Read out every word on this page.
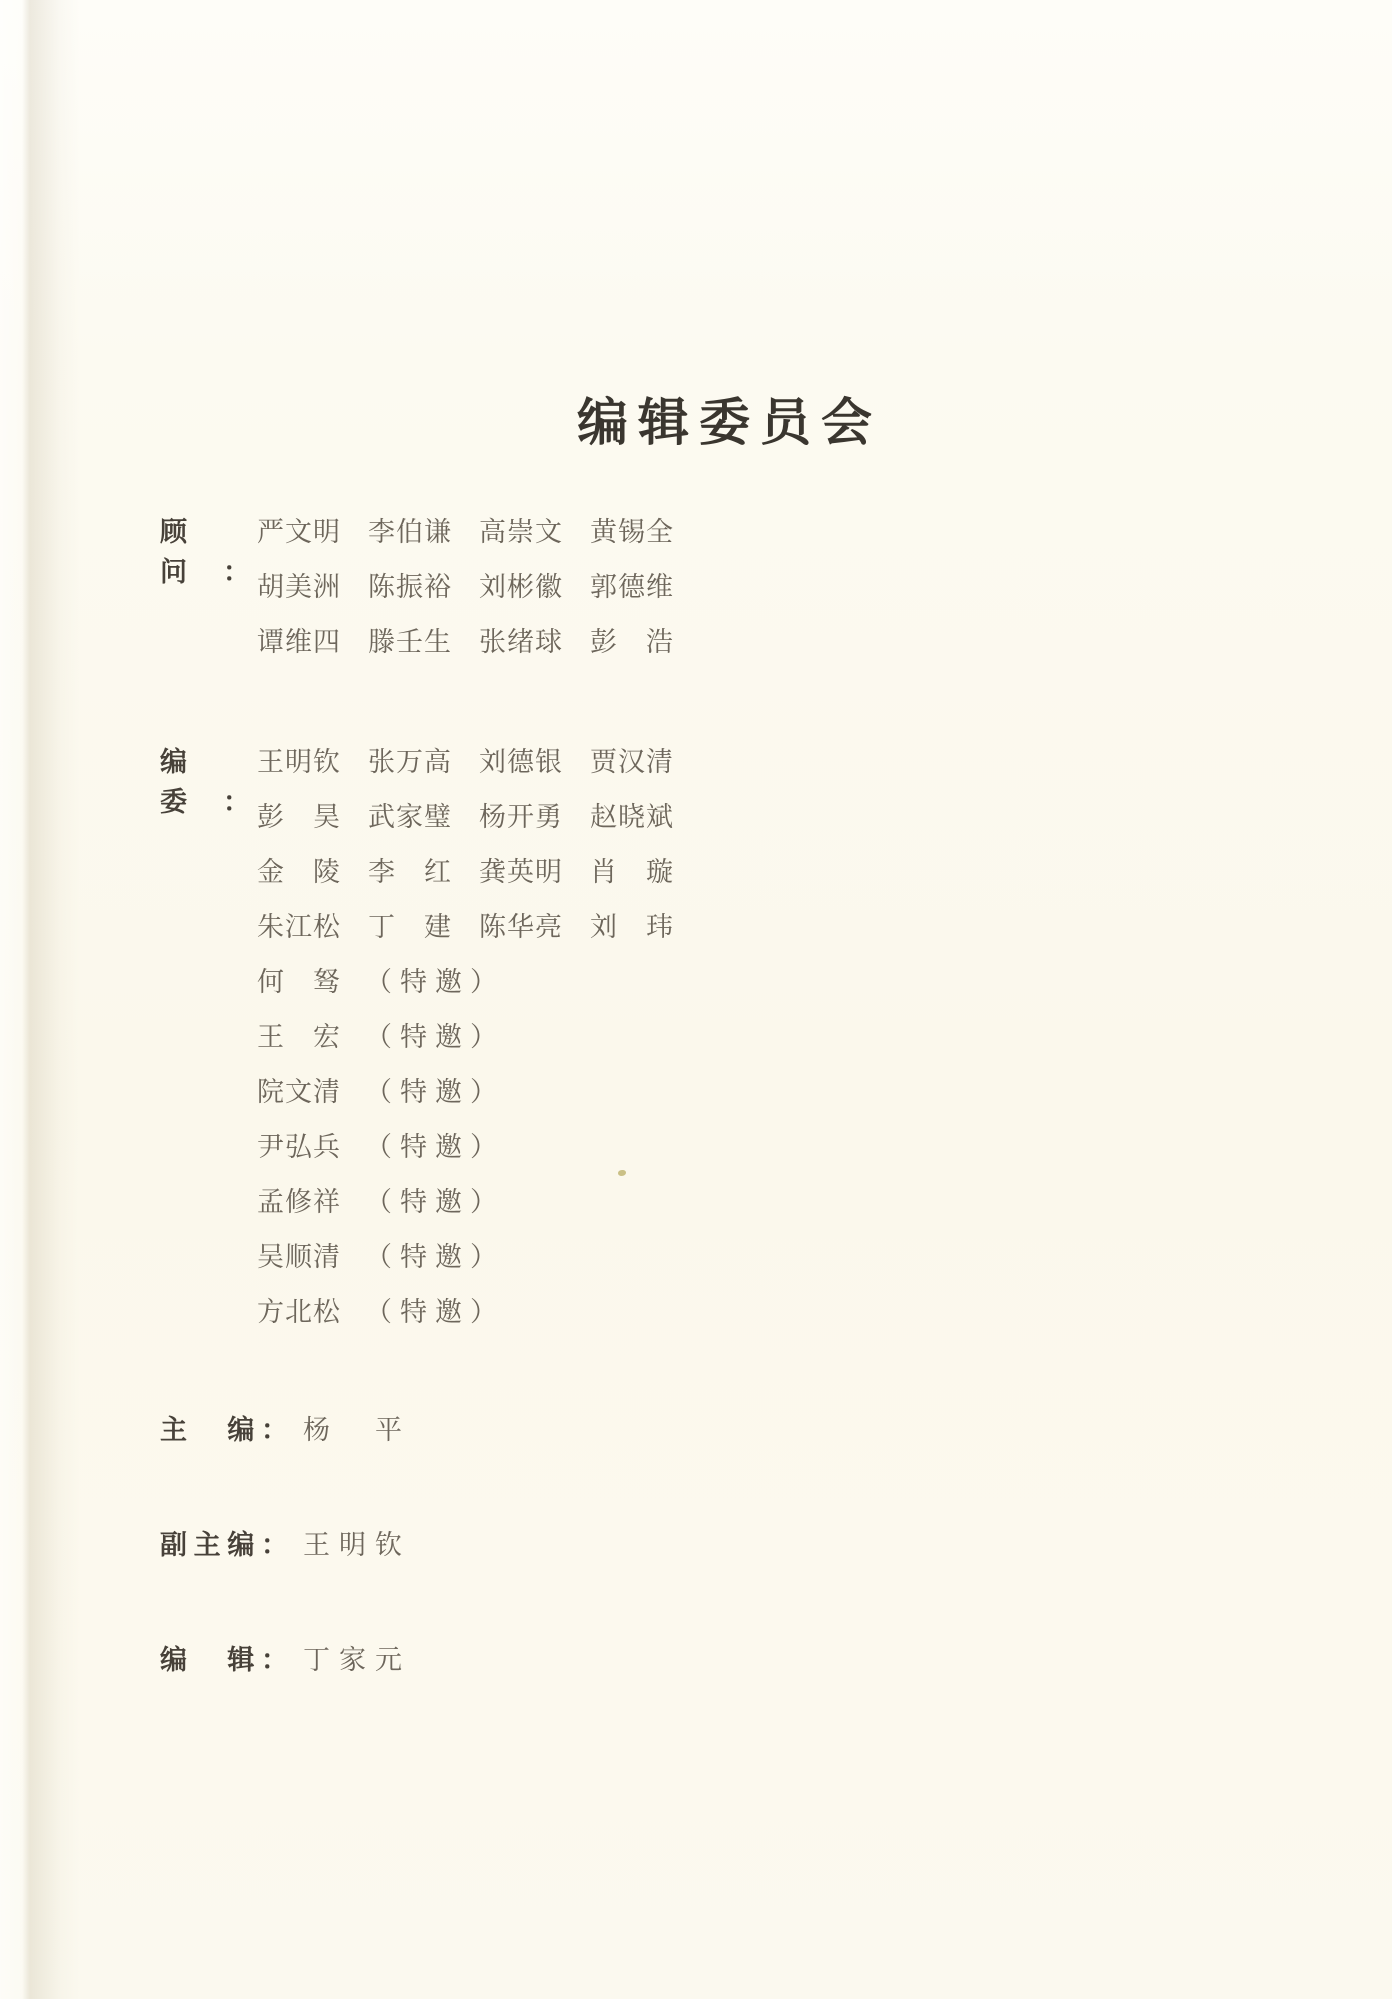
编辑委员会
顾　问：
严文明 李伯谦 高崇文 黄锡全
胡美洲 陈振裕 刘彬徽 郭德维
谭维四 滕壬生 张绪球 彭　浩
编　委：
王明钦 张万高 刘德银 贾汉清
彭　昊 武家璧 杨开勇 赵晓斌
金　陵 李　红 龚英明 肖　璇
朱江松 丁　建 陈华亮 刘　玮
何　驽 （特邀）
王　宏 （特邀）
院文清 （特邀）
尹弘兵 （特邀）
孟修祥 （特邀）
吴顺清 （特邀）
方北松 （特邀）
主　编： 杨　平
副主编： 王明钦
编　辑： 丁家元
